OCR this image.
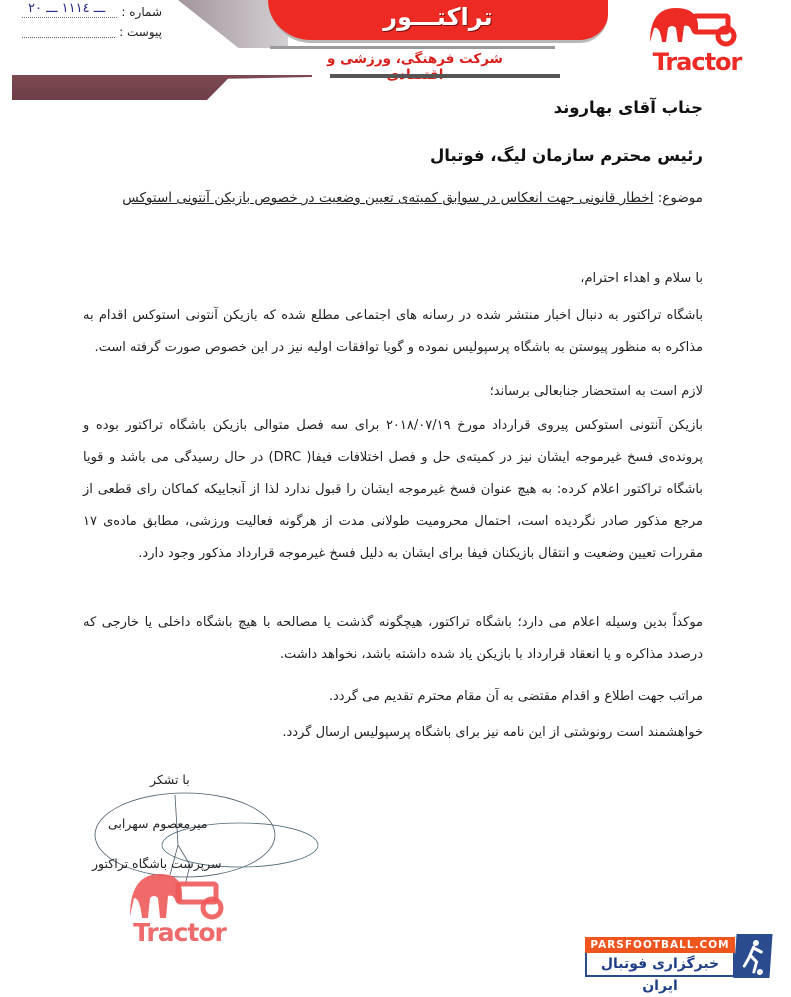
تراکتـــور
شرکت فرهنگی، ورزشی و
شماره :
۲۰ ـــ ۱۱۱٤ ـــ
پیوست :
Tractor
جناب آقای بهاروند
رئیس محترم سازمان لیگ، فوتبال
موضوع: اخطار قانونی جهت انعکاس در سوابق کمیته‌ی تعیین وضعیت در خصوص بازیکن آنتونی استوکس
با سلام و اهداء احترام،
باشگاه تراکتور به دنبال اخبار منتشر شده در رسانه های اجتماعی مطلع شده که بازیکن آنتونی استوکس اقدام به مذاکره به منظور پیوستن به باشگاه پرسپولیس نموده و گویا توافقات اولیه نیز در این خصوص صورت گرفته است.
لازم است به استحضار جنابعالی برساند؛
بازیکن آنتونی استوکس پیروی قرارداد مورخ ۲۰۱۸/۰۷/۱۹ برای سه فصل متوالی بازیکن باشگاه تراکتور بوده و پرونده‌ی فسخ غیرموجه ایشان نیز در کمیته‌ی حل و فصل اختلافات فیفا( DRC) در حال رسیدگی می باشد و قویا باشگاه تراکتور اعلام کرده: به هیچ عنوان فسخ غیرموجه ایشان را قبول ندارد لذا از آنجاییکه کماکان رای قطعی از مرجع مذکور صادر نگردیده است، احتمال محرومیت طولانی مدت از هرگونه فعالیت ورزشی، مطابق ماده‌ی ۱۷ مقررات تعیین وضعیت و انتقال بازیکنان فیفا برای ایشان به دلیل فسخ غیرموجه قرارداد مذکور وجود دارد.
موکداً بدین وسیله اعلام می دارد؛ باشگاه تراکتور، هیچگونه گذشت یا مصالحه با هیچ باشگاه داخلی یا خارجی که درصدد مذاکره و یا انعقاد قرارداد با بازیکن یاد شده داشته باشد، نخواهد داشت.
مراتب جهت اطلاع و اقدام مقتضی به آن مقام محترم تقدیم می گردد.
خواهشمند است رونوشتی از این نامه نیز برای باشگاه پرسپولیس ارسال گردد.
با تشکر
میرمعصوم سهرابی
سرپرست باشگاه تراکتور
Tractor	PARSFOOTBALL.COM
خبرگزاری فوتبال ایران
